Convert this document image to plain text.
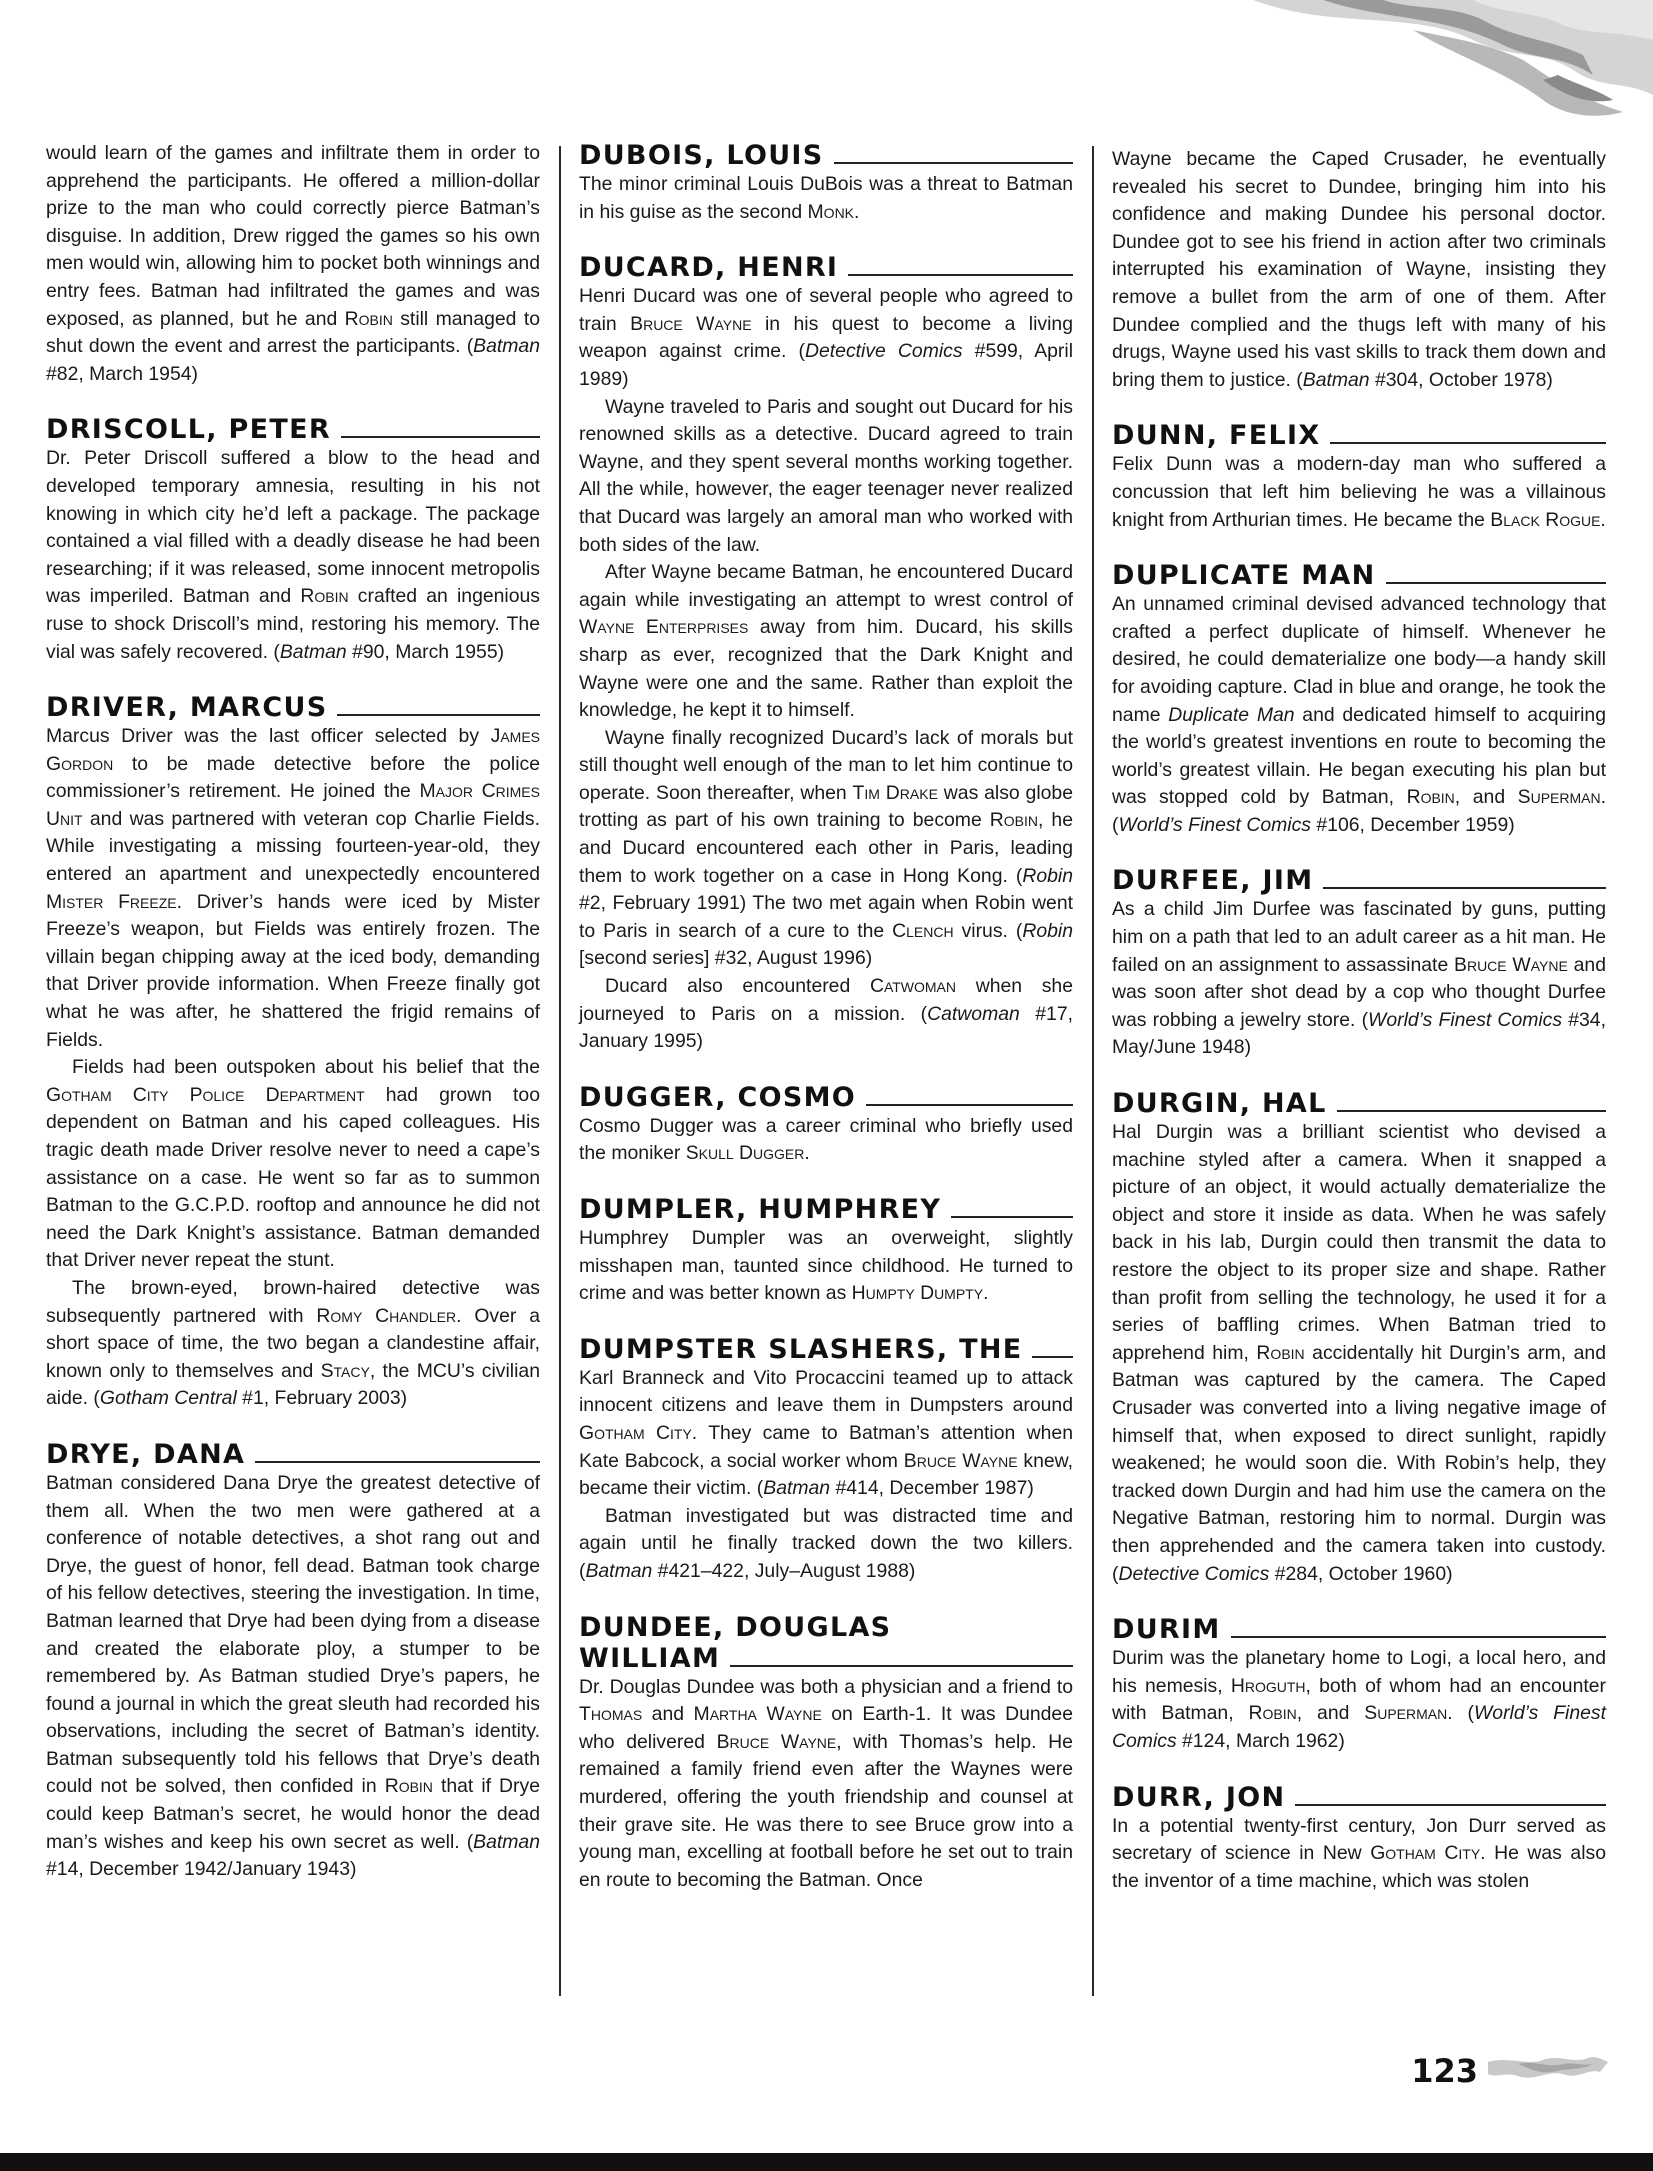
would learn of the games and infiltrate them in order to apprehend the participants. He offered a million-dollar prize to the man who could correctly pierce Batman’s disguise. In addition, Drew rigged the games so his own men would win, allowing him to pocket both winnings and entry fees. Batman had infiltrated the games and was exposed, as planned, but he and Robin still managed to shut down the event and arrest the participants. (Batman #82, March 1954)

DRISCOLL, PETER

Dr. Peter Driscoll suffered a blow to the head and developed temporary amnesia, resulting in his not knowing in which city he’d left a package. The package contained a vial filled with a deadly disease he had been researching; if it was released, some innocent metropolis was imperiled. Batman and Robin crafted an ingenious ruse to shock Driscoll’s mind, restoring his memory. The vial was safely recovered. (Batman #90, March 1955)

DRIVER, MARCUS

Marcus Driver was the last officer selected by James Gordon to be made detective before the police commissioner’s retirement. He joined the Major Crimes Unit and was partnered with veteran cop Charlie Fields. While investigating a missing fourteen-year-old, they entered an apartment and unexpectedly encountered Mister Freeze. Driver’s hands were iced by Mister Freeze’s weapon, but Fields was entirely frozen. The villain began chipping away at the iced body, demanding that Driver provide information. When Freeze finally got what he was after, he shattered the frigid remains of Fields.

Fields had been outspoken about his belief that the Gotham City Police Department had grown too dependent on Batman and his caped colleagues. His tragic death made Driver resolve never to need a cape’s assistance on a case. He went so far as to summon Batman to the G.C.P.D. rooftop and announce he did not need the Dark Knight’s assistance. Batman demanded that Driver never repeat the stunt.

The brown-eyed, brown-haired detective was subsequently partnered with Romy Chandler. Over a short space of time, the two began a clandestine affair, known only to themselves and Stacy, the MCU’s civilian aide. (Gotham Central #1, February 2003)

DRYE, DANA

Batman considered Dana Drye the greatest detective of them all. When the two men were gathered at a conference of notable detectives, a shot rang out and Drye, the guest of honor, fell dead. Batman took charge of his fellow detectives, steering the investigation. In time, Batman learned that Drye had been dying from a disease and created the elaborate ploy, a stumper to be remembered by. As Batman studied Drye’s papers, he found a journal in which the great sleuth had recorded his observations, including the secret of Batman’s identity. Batman subsequently told his fellows that Drye’s death could not be solved, then confided in Robin that if Drye could keep Batman’s secret, he would honor the dead man’s wishes and keep his own secret as well. (Batman #14, December 1942/January 1943)

DUBOIS, LOUIS

The minor criminal Louis DuBois was a threat to Batman in his guise as the second Monk.

DUCARD, HENRI

Henri Ducard was one of several people who agreed to train Bruce Wayne in his quest to become a living weapon against crime. (Detective Comics #599, April 1989)

Wayne traveled to Paris and sought out Ducard for his renowned skills as a detective. Ducard agreed to train Wayne, and they spent several months working together. All the while, however, the eager teenager never realized that Ducard was largely an amoral man who worked with both sides of the law.

After Wayne became Batman, he encountered Ducard again while investigating an attempt to wrest control of Wayne Enterprises away from him. Ducard, his skills sharp as ever, recognized that the Dark Knight and Wayne were one and the same. Rather than exploit the knowledge, he kept it to himself.

Wayne finally recognized Ducard’s lack of morals but still thought well enough of the man to let him continue to operate. Soon thereafter, when Tim Drake was also globe trotting as part of his own training to become Robin, he and Ducard encountered each other in Paris, leading them to work together on a case in Hong Kong. (Robin #2, February 1991) The two met again when Robin went to Paris in search of a cure to the Clench virus. (Robin [second series] #32, August 1996)

Ducard also encountered Catwoman when she journeyed to Paris on a mission. (Catwoman #17, January 1995)

DUGGER, COSMO

Cosmo Dugger was a career criminal who briefly used the moniker Skull Dugger.

DUMPLER, HUMPHREY

Humphrey Dumpler was an overweight, slightly misshapen man, taunted since childhood. He turned to crime and was better known as Humpty Dumpty.

DUMPSTER SLASHERS, THE

Karl Branneck and Vito Procaccini teamed up to attack innocent citizens and leave them in Dumpsters around Gotham City. They came to Batman’s attention when Kate Babcock, a social worker whom Bruce Wayne knew, became their victim. (Batman #414, December 1987)

Batman investigated but was distracted time and again until he finally tracked down the two killers. (Batman #421–422, July–August 1988)

DUNDEE, DOUGLAS
WILLIAM

Dr. Douglas Dundee was both a physician and a friend to Thomas and Martha Wayne on Earth-1. It was Dundee who delivered Bruce Wayne, with Thomas’s help. He remained a family friend even after the Waynes were murdered, offering the youth friendship and counsel at their grave site. He was there to see Bruce grow into a young man, excelling at football before he set out to train en route to becoming the Batman. Once

Wayne became the Caped Crusader, he eventually revealed his secret to Dundee, bringing him into his confidence and making Dundee his personal doctor. Dundee got to see his friend in action after two criminals interrupted his examination of Wayne, insisting they remove a bullet from the arm of one of them. After Dundee complied and the thugs left with many of his drugs, Wayne used his vast skills to track them down and bring them to justice. (Batman #304, October 1978)

DUNN, FELIX

Felix Dunn was a modern-day man who suffered a concussion that left him believing he was a villainous knight from Arthurian times. He became the Black Rogue.

DUPLICATE MAN

An unnamed criminal devised advanced technology that crafted a perfect duplicate of himself. Whenever he desired, he could dematerialize one body—a handy skill for avoiding capture. Clad in blue and orange, he took the name Duplicate Man and dedicated himself to acquiring the world’s greatest inventions en route to becoming the world’s greatest villain. He began executing his plan but was stopped cold by Batman, Robin, and Superman. (World’s Finest Comics #106, December 1959)

DURFEE, JIM

As a child Jim Durfee was fascinated by guns, putting him on a path that led to an adult career as a hit man. He failed on an assignment to assassinate Bruce Wayne and was soon after shot dead by a cop who thought Durfee was robbing a jewelry store. (World’s Finest Comics #34, May/June 1948)

DURGIN, HAL

Hal Durgin was a brilliant scientist who devised a machine styled after a camera. When it snapped a picture of an object, it would actually dematerialize the object and store it inside as data. When he was safely back in his lab, Durgin could then transmit the data to restore the object to its proper size and shape. Rather than profit from selling the technology, he used it for a series of baffling crimes. When Batman tried to apprehend him, Robin accidentally hit Durgin’s arm, and Batman was captured by the camera. The Caped Crusader was converted into a living negative image of himself that, when exposed to direct sunlight, rapidly weakened; he would soon die. With Robin’s help, they tracked down Durgin and had him use the camera on the Negative Batman, restoring him to normal. Durgin was then apprehended and the camera taken into custody. (Detective Comics #284, October 1960)

DURIM

Durim was the planetary home to Logi, a local hero, and his nemesis, Hroguth, both of whom had an encounter with Batman, Robin, and Superman. (World’s Finest Comics #124, March 1962)

DURR, JON

In a potential twenty-first century, Jon Durr served as secretary of science in New Gotham City. He was also the inventor of a time machine, which was stolen

123
